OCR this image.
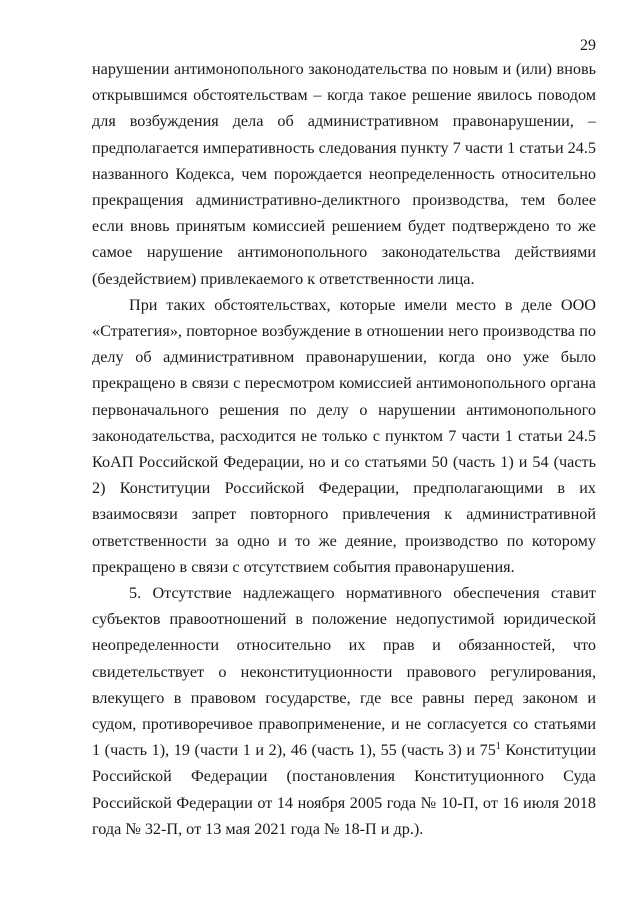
29

нарушении антимонопольного законодательства по новым и (или) вновь открывшимся обстоятельствам – когда такое решение явилось поводом для возбуждения дела об административном правонарушении, – предполагается императивность следования пункту 7 части 1 статьи 24.5 названного Кодекса, чем порождается неопределенность относительно прекращения административно-деликтного производства, тем более если вновь принятым комиссией решением будет подтверждено то же самое нарушение антимонопольного законодательства действиями (бездействием) привлекаемого к ответственности лица.

При таких обстоятельствах, которые имели место в деле ООО «Стратегия», повторное возбуждение в отношении него производства по делу об административном правонарушении, когда оно уже было прекращено в связи с пересмотром комиссией антимонопольного органа первоначального решения по делу о нарушении антимонопольного законодательства, расходится не только с пунктом 7 части 1 статьи 24.5 КоАП Российской Федерации, но и со статьями 50 (часть 1) и 54 (часть 2) Конституции Российской Федерации, предполагающими в их взаимосвязи запрет повторного привлечения к административной ответственности за одно и то же деяние, производство по которому прекращено в связи с отсутствием события правонарушения.

5. Отсутствие надлежащего нормативного обеспечения ставит субъектов правоотношений в положение недопустимой юридической неопределенности относительно их прав и обязанностей, что свидетельствует о неконституционности правового регулирования, влекущего в правовом государстве, где все равны перед законом и судом, противоречивое правоприменение, и не согласуется со статьями 1 (часть 1), 19 (части 1 и 2), 46 (часть 1), 55 (часть 3) и $75^1$ Конституции Российской Федерации (постановления Конституционного Суда Российской Федерации от 14 ноября 2005 года № 10-П, от 16 июля 2018 года № 32-П, от 13 мая 2021 года № 18-П и др.).
